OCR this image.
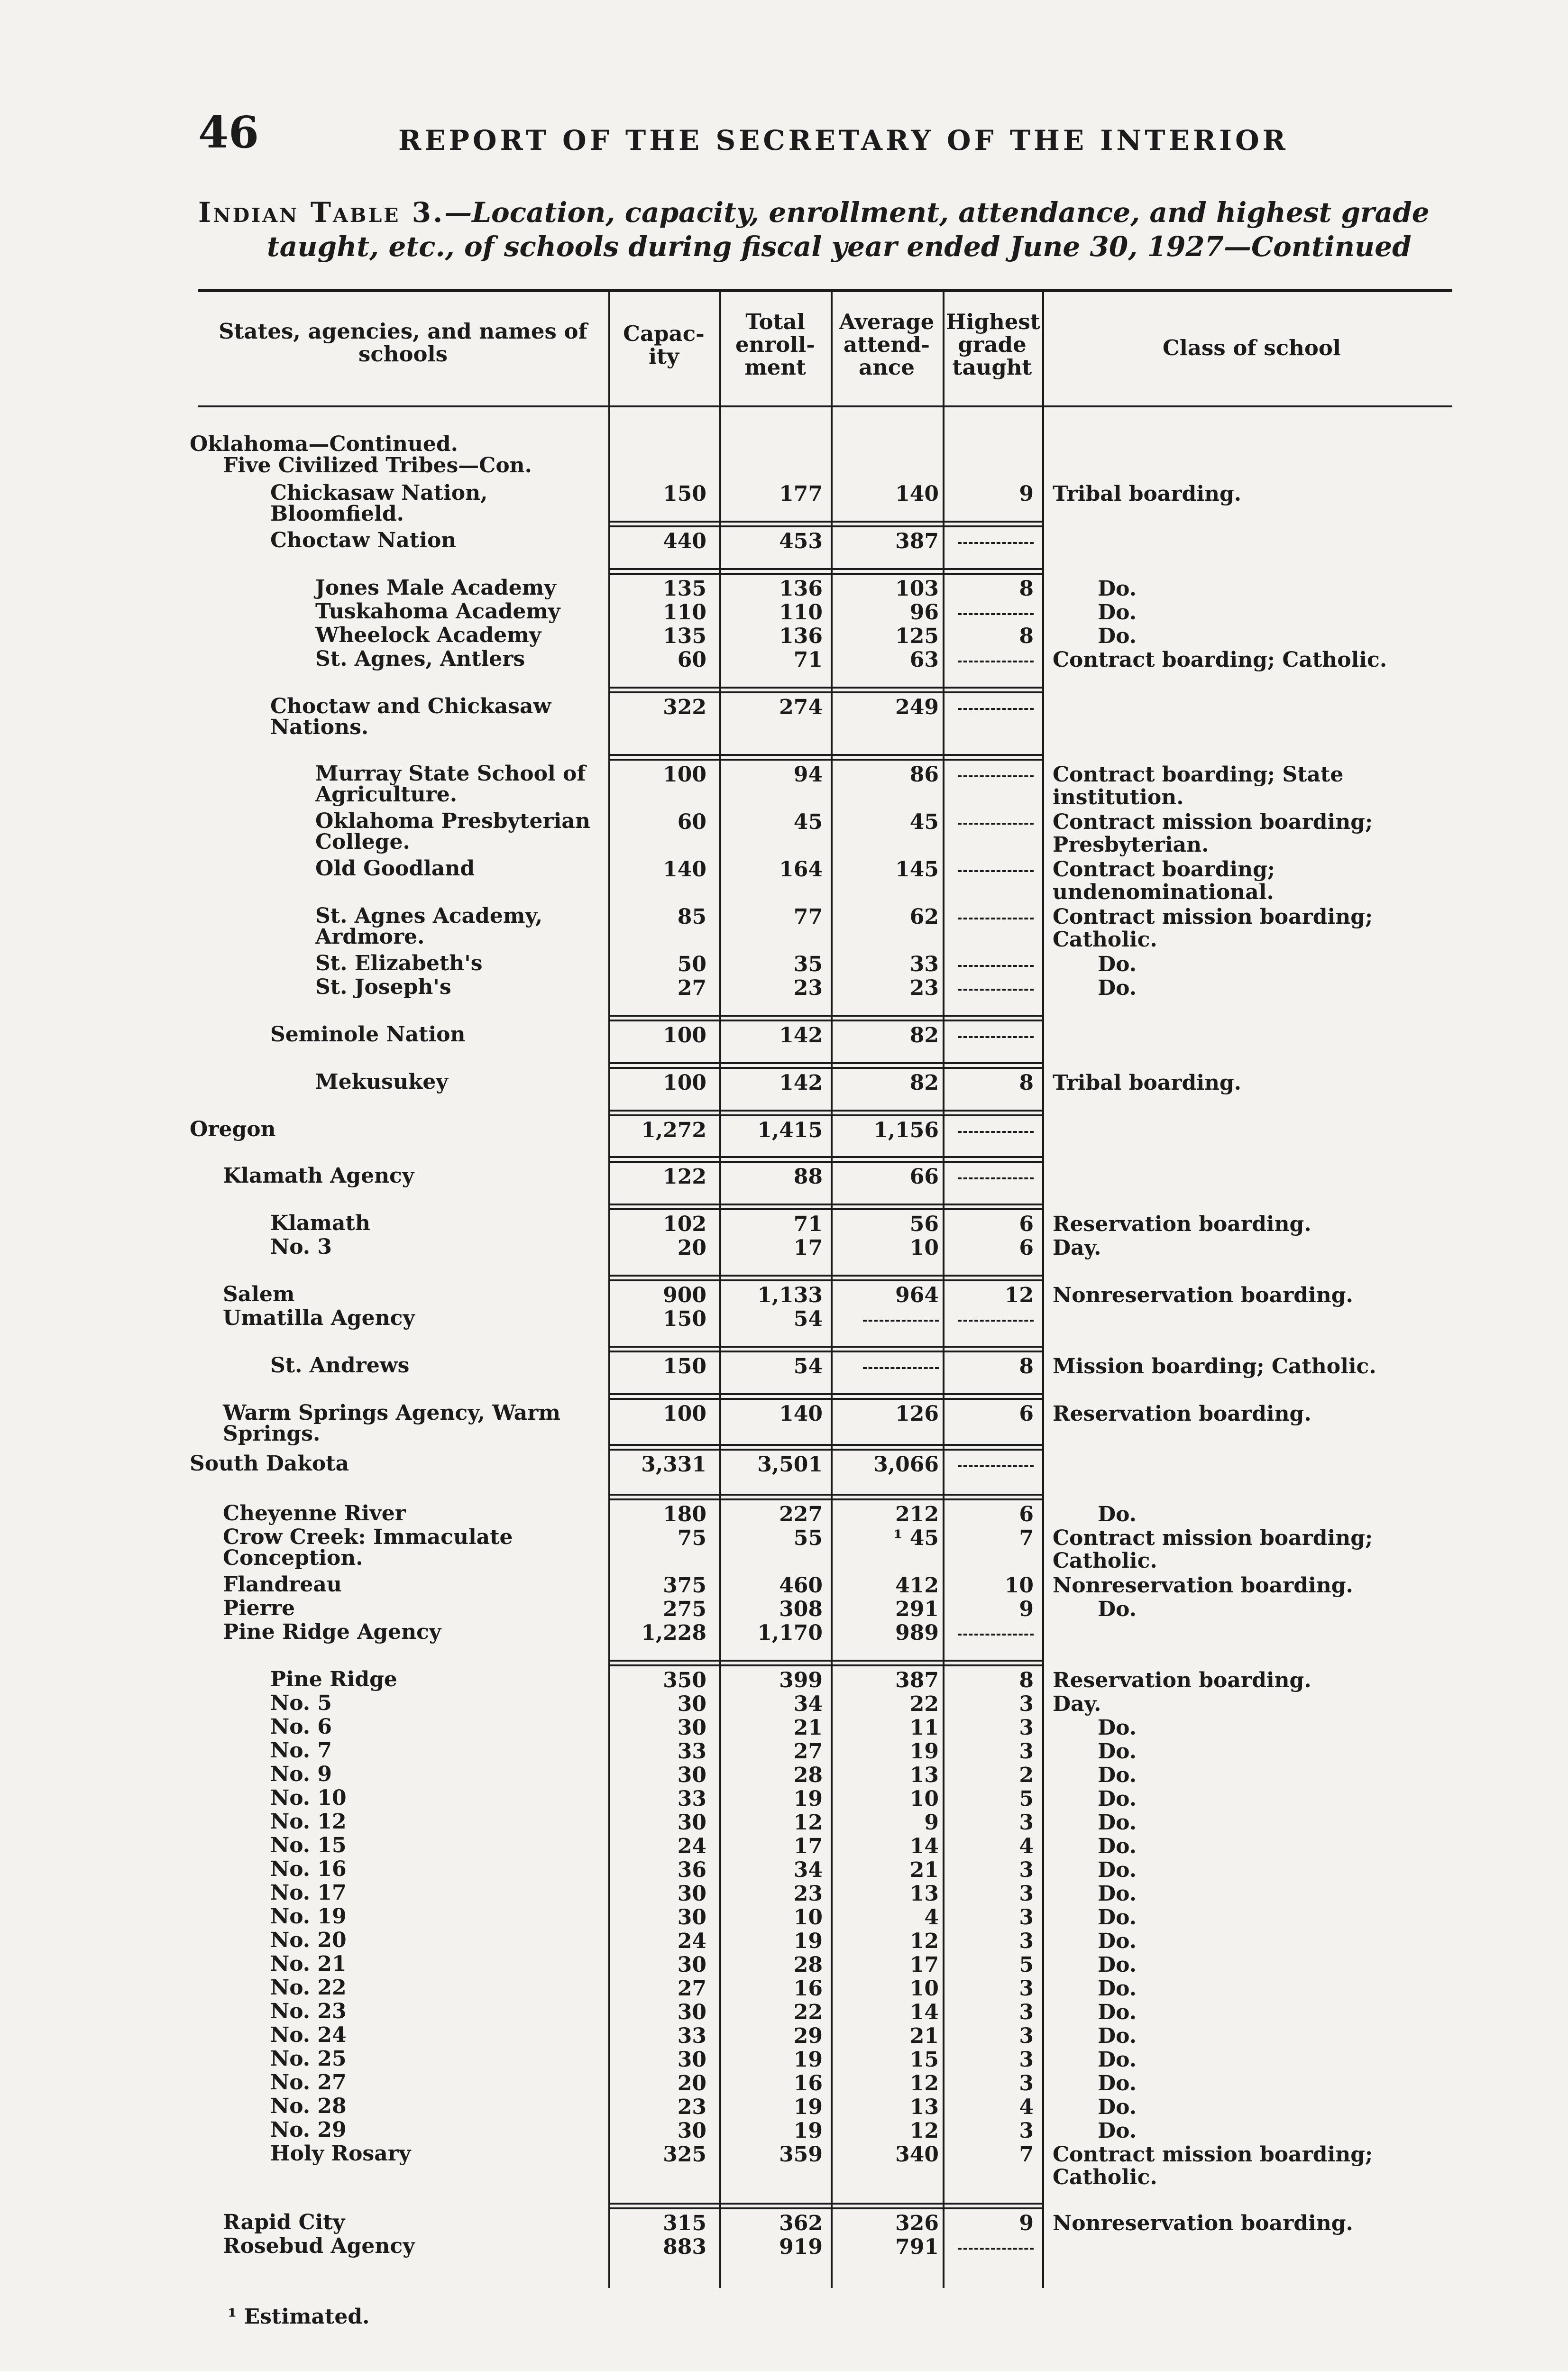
46	REPORT OF THE SECRETARY OF THE INTERIOR
Indian Table 3.—Location, capacity, enrollment, attendance, and highest grade
taught, etc., of schools during fiscal year ended June 30, 1927—Continued
States, agencies, and names of schools
Capac-ity
Total enroll-ment
Average attend-ance
Highest grade taught
Class of school
Oklahoma—Continued.
Five Civilized Tribes—Con.
Chickasaw Nation, Bloomfield.
150	177	140	9 Tribal boarding.
Choctaw Nation	440	453	387
Jones Male Academy	135	136	103	8	Do.
Tuskahoma Academy	110	110	96	Do.
Wheelock Academy	135	136	125	8	Do.
St. Agnes, Antlers	60	71	63	Contract boarding; Catholic.
Choctaw and Chickasaw Nations.
322	274	249
Murray State School of Agriculture.
100	94	86	Contract boarding; State institution.
Oklahoma Presbyterian College.
60	45	45	Contract mission boarding; Presbyterian.
Old Goodland	140	164	145	Contract boarding; undenominational.
St. Agnes Academy, Ardmore.
85	77	62	Contract mission boarding; Catholic.
St. Elizabeth's	50	35	33	Do.
St. Joseph's	27	23	23	Do.
Seminole Nation	100	142	82
Mekusukey	100	142	82	8 Tribal boarding.
Oregon	1,272	1,415	1,156
Klamath Agency	122	88	66
Klamath	102	71	56	6 Reservation boarding.
No. 3	20	17	10	6 Day.
Salem	900	1,133	964	12 Nonreservation boarding.
Umatilla Agency	150	54
St. Andrews	150	54	8 Mission boarding; Catholic.
Warm Springs Agency, Warm Springs.
100	140	126	6 Reservation boarding.
South Dakota	3,331	3,501	3,066
Cheyenne River	180	227	212	6	Do.
Crow Creek: Immaculate Conception.
75	55	¹ 45	7 Contract mission boarding; Catholic.
Flandreau	375	460	412	10 Nonreservation boarding.
Pierre	275	308	291	9	Do.
Pine Ridge Agency	1,228	1,170	989
Pine Ridge	350	399	387	8 Reservation boarding.
No. 5	30	34	22	3 Day.
No. 6	30	21	11	3	Do.
No. 7	33	27	19	3	Do.
No. 9	30	28	13	2	Do.
No. 10	33	19	10	5	Do.
No. 12	30	12	9	3	Do.
No. 15	24	17	14	4	Do.
No. 16	36	34	21	3	Do.
No. 17	30	23	13	3	Do.
No. 19	30	10	4	3	Do.
No. 20	24	19	12	3	Do.
No. 21	30	28	17	5	Do.
No. 22	27	16	10	3	Do.
No. 23	30	22	14	3	Do.
No. 24	33	29	21	3	Do.
No. 25	30	19	15	3	Do.
No. 27	20	16	12	3	Do.
No. 28	23	19	13	4	Do.
No. 29	30	19	12	3	Do.
Holy Rosary	325	359	340	7 Contract mission boarding; Catholic.
Rapid City	315	362	326	9 Nonreservation boarding.
Rosebud Agency	883	919	791
¹ Estimated.
